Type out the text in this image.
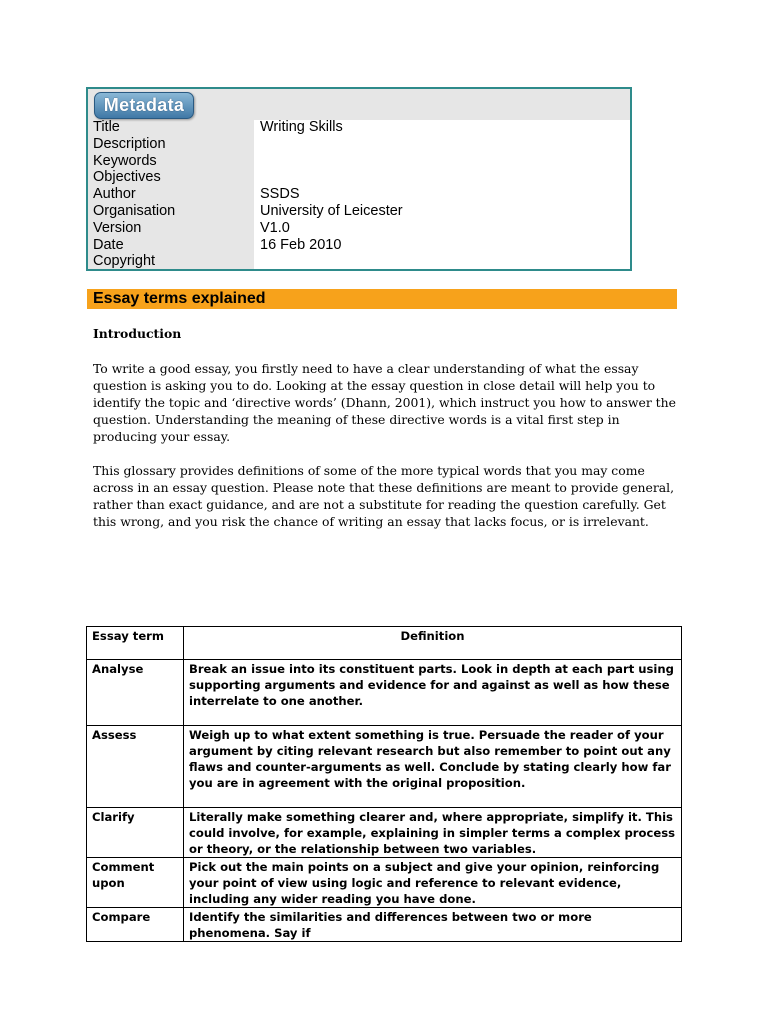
Metadata
Title	Writing Skills
Description
Keywords
Objectives
Author	SSDS
Organisation	University of Leicester
Version	V1.0
Date	16 Feb 2010
Copyright
Essay terms explained
Introduction
To write a good essay, you firstly need to have a clear understanding of what the essay question is asking you to do. Looking at the essay question in close detail will help you to identify the topic and ‘directive words’ (Dhann, 2001), which instruct you how to answer the question. Understanding the meaning of these directive words is a vital first step in producing your essay.
This glossary provides definitions of some of the more typical words that you may come across in an essay question. Please note that these definitions are meant to provide general, rather than exact guidance, and are not a substitute for reading the question carefully. Get this wrong, and you risk the chance of writing an essay that lacks focus, or is irrelevant.
Essay term	Definition
Analyse	Break an issue into its constituent parts. Look in depth at each part using supporting arguments and evidence for and against as well as how these interrelate to one another.
Assess	Weigh up to what extent something is true. Persuade the reader of your argument by citing relevant research but also remember to point out any flaws and counter-arguments as well. Conclude by stating clearly how far you are in agreement with the original proposition.
Clarify	Literally make something clearer and, where appropriate, simplify it. This could involve, for example, explaining in simpler terms a complex process or theory, or the relationship between two variables.
Comment upon	Pick out the main points on a subject and give your opinion, reinforcing your point of view using logic and reference to relevant evidence, including any wider reading you have done.
Compare	Identify the similarities and differences between two or more phenomena. Say if
